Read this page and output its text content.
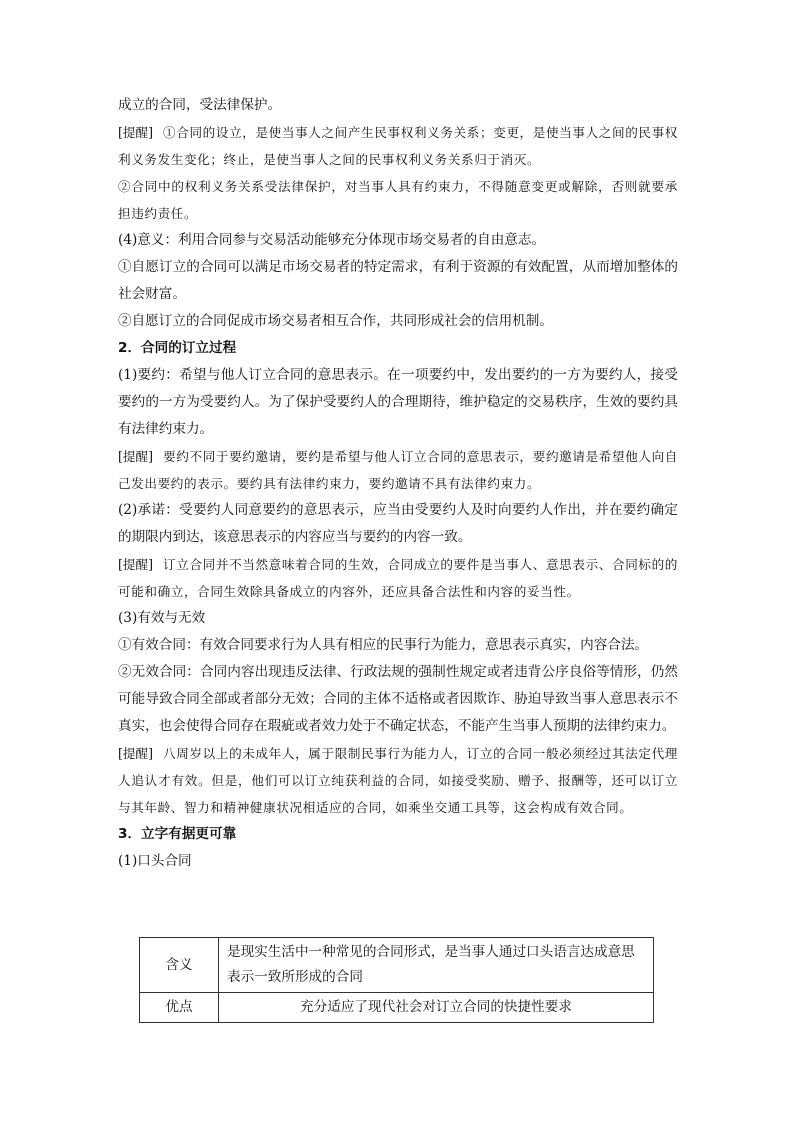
成立的合同，受法律保护。

[提醒] ①合同的设立，是使当事人之间产生民事权利义务关系；变更，是使当事人之间的民事权利义务发生变化；终止，是使当事人之间的民事权利义务关系归于消灭。

②合同中的权利义务关系受法律保护，对当事人具有约束力，不得随意变更或解除，否则就要承担违约责任。

(4)意义：利用合同参与交易活动能够充分体现市场交易者的自由意志。

①自愿订立的合同可以满足市场交易者的特定需求，有利于资源的有效配置，从而增加整体的社会财富。

②自愿订立的合同促成市场交易者相互合作，共同形成社会的信用机制。

2．合同的订立过程

(1)要约：希望与他人订立合同的意思表示。在一项要约中，发出要约的一方为要约人，接受要约的一方为受要约人。为了保护受要约人的合理期待，维护稳定的交易秩序，生效的要约具有法律约束力。

[提醒] 要约不同于要约邀请，要约是希望与他人订立合同的意思表示，要约邀请是希望他人向自己发出要约的表示。要约具有法律约束力，要约邀请不具有法律约束力。

(2)承诺：受要约人同意要约的意思表示，应当由受要约人及时向要约人作出，并在要约确定的期限内到达，该意思表示的内容应当与要约的内容一致。

[提醒] 订立合同并不当然意味着合同的生效，合同成立的要件是当事人、意思表示、合同标的的可能和确立，合同生效除具备成立的内容外，还应具备合法性和内容的妥当性。

(3)有效与无效

①有效合同：有效合同要求行为人具有相应的民事行为能力，意思表示真实，内容合法。

②无效合同：合同内容出现违反法律、行政法规的强制性规定或者违背公序良俗等情形，仍然可能导致合同全部或者部分无效；合同的主体不适格或者因欺诈、胁迫导致当事人意思表示不真实，也会使得合同存在瑕疵或者效力处于不确定状态，不能产生当事人预期的法律约束力。

[提醒] 八周岁以上的未成年人，属于限制民事行为能力人，订立的合同一般必须经过其法定代理人追认才有效。但是，他们可以订立纯获利益的合同，如接受奖励、赠予、报酬等，还可以订立与其年龄、智力和精神健康状况相适应的合同，如乘坐交通工具等，这会构成有效合同。

3．立字有据更可靠

(1)口头合同

含义	是现实生活中一种常见的合同形式，是当事人通过口头语言达成意思表示一致所形成的合同
优点	充分适应了现代社会对订立合同的快捷性要求
